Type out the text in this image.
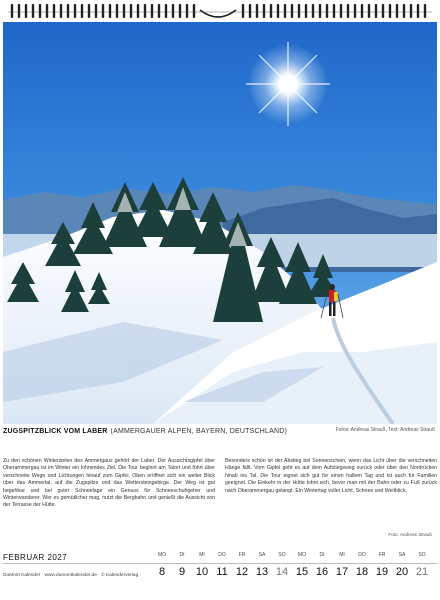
Fotos: Andreas Strauß, Text: Andreas Strauß
ZUGSPITZBLICK VOM LABER (AMMERGAUER ALPEN, BAYERN, DEUTSCHLAND)
Zu den schönen Winterzielen des Ammergaus gehört der Laber. Der Aussichtsgipfel über Oberammergau ist im Winter ein lohnendes Ziel. Die Tour beginnt am Talort und führt über verschneite Wege und Lichtungen hinauf zum Gipfel. Oben eröffnet sich ein weiter Blick über das Ammertal, auf die Zugspitze und das Wettersteingebirge. Der Weg ist gut begehbar und bei guter Schneelage ein Genuss für Schneeschuhgeher und Winterwanderer. Wer es gemütlicher mag, nutzt die Bergbahn und genießt die Aussicht von der Terrasse der Hütte.
Besonders schön ist der Abstieg bei Sonnenschein, wenn das Licht über die verschneiten Hänge fällt. Vom Gipfel geht es auf dem Aufstiegsweg zurück oder über den Nordrücken hinab ins Tal. Die Tour eignet sich gut für einen halben Tag und ist auch für Familien geeignet. Die Einkehr in der Hütte lohnt sich, bevor man mit der Bahn oder zu Fuß zurück nach Oberammergau gelangt. Ein Wintertag voller Licht, Schnee und Weitblick.
Foto: Andreas Strauß
FEBRUAR 2027	MO	DI	MI	DO	FR	SA	SO	MO	DI	MI	DO	FR	SA	SO
8	9 10 11 12 13 14 15 16 17 18 19 20 21
DuMont Kalender · www.dumontkalender.de · © Kalenderverlag
